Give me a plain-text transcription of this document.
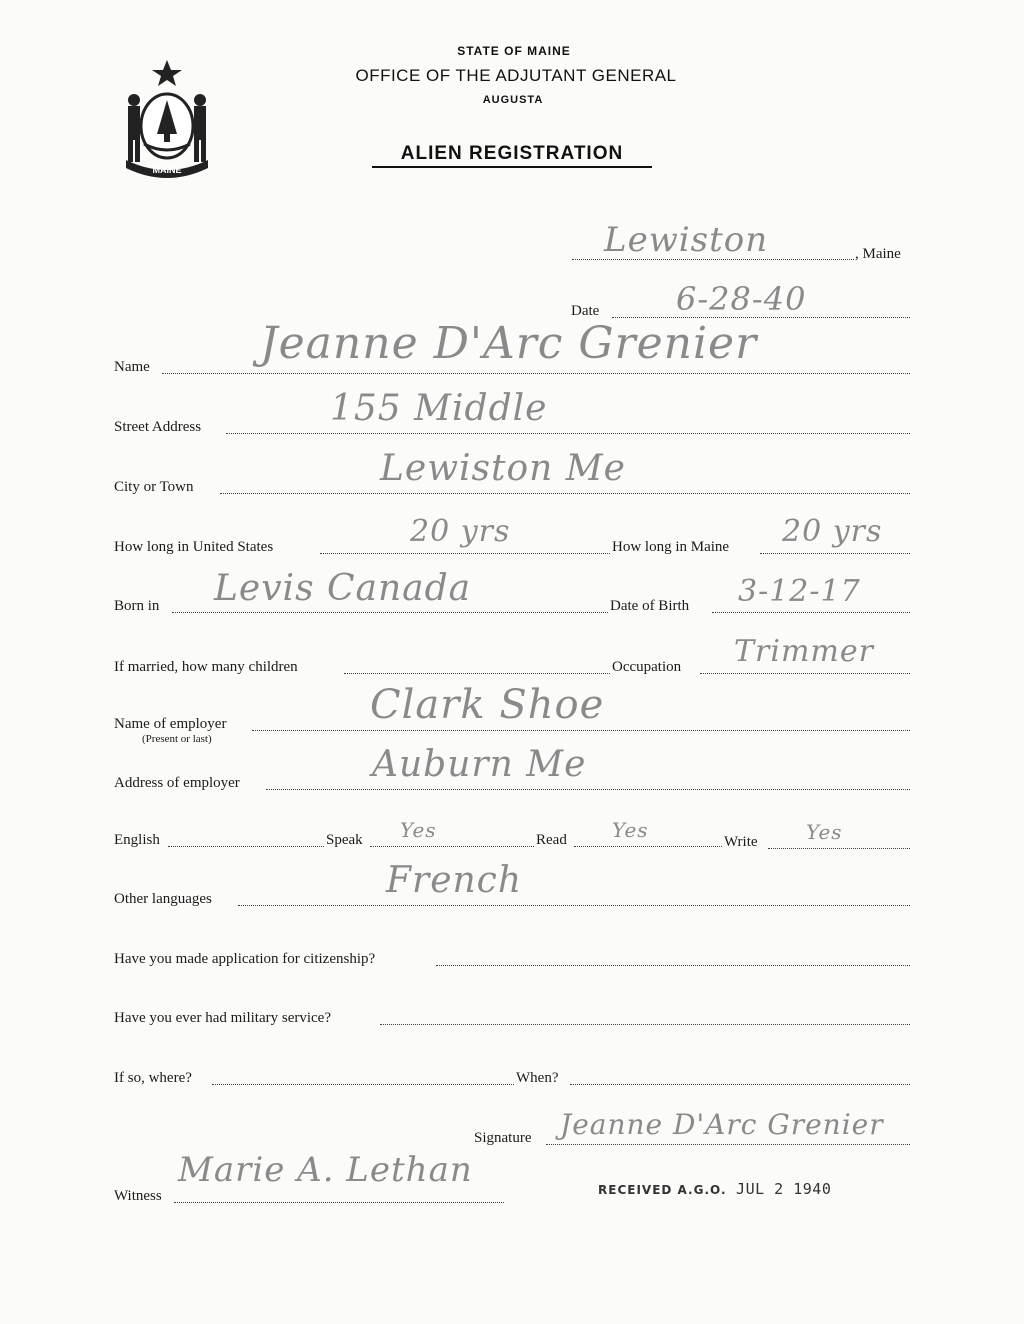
MAINE
STATE OF MAINE
OFFICE OF THE ADJUTANT GENERAL
AUGUSTA
ALIEN REGISTRATION
Lewiston	, Maine
Date 6-28-40
Name	Jeanne D'Arc Grenier
Street Address	155 Middle
City or Town	Lewiston Me
How long in United States	20 yrs	How long in Maine 20 yrs
Born in Levis Canada	Date of Birth 3-12-17
If married, how many children	Occupation Trimmer
Name of employer
(Present or last)
Clark Shoe
Address of employer	Auburn Me
English	Speak Yes	Read Yes	Write Yes
Other languages	French
Have you made application for citizenship?
Have you ever had military service?
If so, where?	When?
Signature Jeanne D'Arc Grenier
Witness
Marie A. Lethan	RECEIVED A.G.O. JUL 2 1940
